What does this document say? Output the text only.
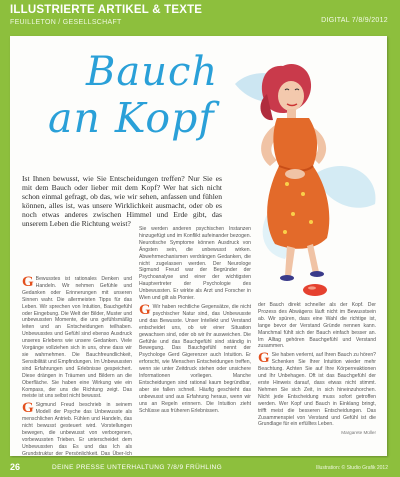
ILLUSTRIERTE ARTIKEL & TEXTE
FEUILLETON / GESELLSCHAFT	DIGITAL 7/8/9/2012
Bauch
an Kopf
Ist Ihnen bewusst, wie Sie Entscheidungen treffen? Nur Sie es mit dem Bauch oder lieber mit dem Kopf? Wer hat sich nicht schon einmal gefragt, ob das, wie wir sehen, anfassen und fühlen können, alles ist, was unsere Wirklichkeit ausmacht, oder ob es noch etwas anderes zwischen Himmel und Erde gibt, das unserem Leben die Richtung weist?

G Bewusstes ist rationales Denken und Handeln. Wir nehmen Gefühle und Gedanken oder Erinnerungen mit unseren Sinnen wahr. Die allermeisten Tipps für das Leben. Wir sprechen von Intuition, Bauchgefühl oder Eingebung. Die Welt der Bilder, Muster und unbewussten Momente, die uns gefühlsmäßig leiten und an Entscheidungen teilhaben. Unbewusstes und Gefühl sind ebenso Ausdruck unseres Erlebens wie unsere Gedanken. Viele Vorgänge vollziehen sich in uns, ohne dass wir sie wahrnehmen. Die Bauchfreundlichkeit, Sensibilität und Empfindungen. Im Unbewussten sind Erfahrungen und Erlebnisse gespeichert. Diese drängen in Träumen und Bildern an die Oberfläche. Sie haben eine Wirkung wie ein Kompass, der uns die Richtung zeigt. Das meiste ist uns selbst nicht bewusst.

G Sigmund Freud beschrieb in seinem Modell der Psyche das Unbewusste als menschlichen Antrieb. Fühlen und Handeln, das nicht bewusst gesteuert wird. Vorstellungen bewegen, die unbewusst von verborgenen, vorbewussten Trieben. Er unterscheidet dem Unbewussten das Es und das Ich als Grundstruktur der Persönlichkeit. Das Über-Ich

Sie werden anderen psychischen Instanzen hinzugefügt und im Konflikt aufeinander bezogen. Neurotische Symptome können Ausdruck von Ängsten sein, die unbewusst wirken. Abwehrmechanismen verdrängen Gedanken, die nicht zugelassen werden. Der Neurologe Sigmund Freud war der Begründer der Psychoanalyse und einer der wichtigsten Hauptvertreter der Psychologie des Unbewussten. Er wirkte als Arzt und Forscher in Wien und gilt als Pionier.

G Wir haben rechtliche Gegensätze, die nicht psychischer Natur sind, das Unbewusste und das Bewusste. Unser Intellekt und Verstand entscheidet uns, ob wir einer Situation gewachsen sind, oder ob wir ihr ausweichen. Die Gefühle und das Bauchgefühl sind ständig in Bewegung. Das Bauchgefühl nennt der Psychologe Gerd Gigerenzer auch Intuition. Er erforscht, wie Menschen Entscheidungen treffen, wenn sie unter Zeitdruck stehen oder unsichere Informationen vorliegen. Manche Entscheidungen sind rational kaum begründbar, aber sie fallen schnell. Häufig geschieht das unbewusst und aus Erfahrung heraus, wenn wir uns an Regeln erinnern. Die Intuition zieht Schlüsse aus früheren Erlebnissen.

der Bauch direkt schneller als der Kopf. Der Prozess des Abwägens läuft nicht im Bewusstsein ab. Wir spüren, dass eine Wahl die richtige ist, lange bevor der Verstand Gründe nennen kann. Manchmal fühlt sich der Bauch einfach besser an. Im Alltag gehören Bauchgefühl und Verstand zusammen.

G Sie haben verlernt, auf Ihren Bauch zu hören? Schenken Sie Ihrer Intuition wieder mehr Beachtung. Achten Sie auf Ihre Körperreaktionen und Ihr Unbehagen. Oft ist das Bauchgefühl der erste Hinweis darauf, dass etwas nicht stimmt. Nehmen Sie sich Zeit, in sich hineinzuhorchen. Nicht jede Entscheidung muss sofort getroffen werden. Wer Kopf und Bauch in Einklang bringt, trifft meist die besseren Entscheidungen. Das Zusammenspiel von Verstand und Gefühl ist die Grundlage für ein erfülltes Leben.

Margarete Müller
26	DEINE PRESSE UNTERHALTUNG 7/8/9 FRÜHLING	Illustration: © Studio Grafik 2012
